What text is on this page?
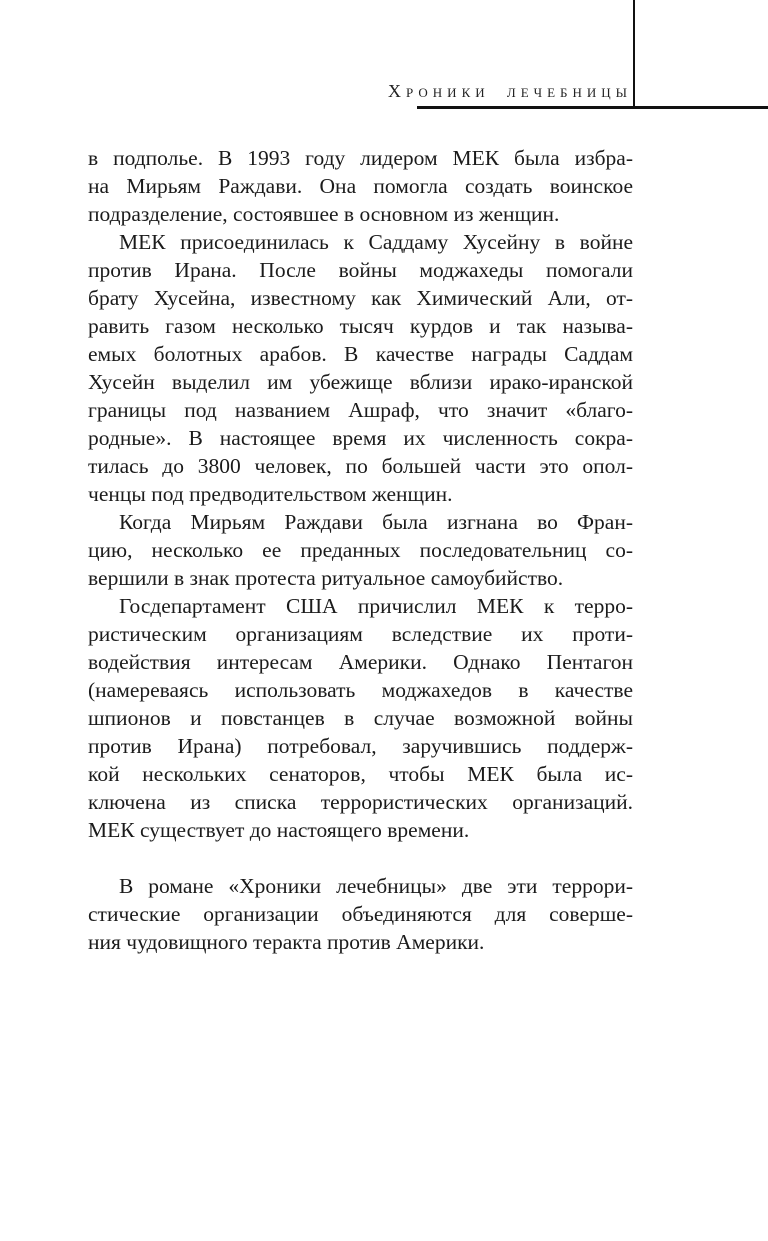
ХРОНИКИ ЛЕЧЕБНИЦЫ
в подполье. В 1993 году лидером МЕК была избра-
на Мирьям Раждави. Она помогла создать воинское
подразделение, состоявшее в основном из женщин.
МЕК присоединилась к Саддаму Хусейну в войне
против Ирана. После войны моджахеды помогали
брату Хусейна, известному как Химический Али, от-
равить газом несколько тысяч курдов и так называ-
емых болотных арабов. В качестве награды Саддам
Хусейн выделил им убежище вблизи ирако-иранской
границы под названием Ашраф, что значит «благо-
родные». В настоящее время их численность сокра-
тилась до 3800 человек, по большей части это опол-
ченцы под предводительством женщин.
Когда Мирьям Раждави была изгнана во Фран-
цию, несколько ее преданных последовательниц со-
вершили в знак протеста ритуальное самоубийство.
Госдепартамент США причислил МЕК к терро-
ристическим организациям вследствие их проти-
водействия интересам Америки. Однако Пентагон
(намереваясь использовать моджахедов в качестве
шпионов и повстанцев в случае возможной войны
против Ирана) потребовал, заручившись поддерж-
кой нескольких сенаторов, чтобы МЕК была ис-
ключена из списка террористических организаций.
МЕК существует до настоящего времени.
В романе «Хроники лечебницы» две эти террори-
стические организации объединяются для соверше-
ния чудовищного теракта против Америки.
